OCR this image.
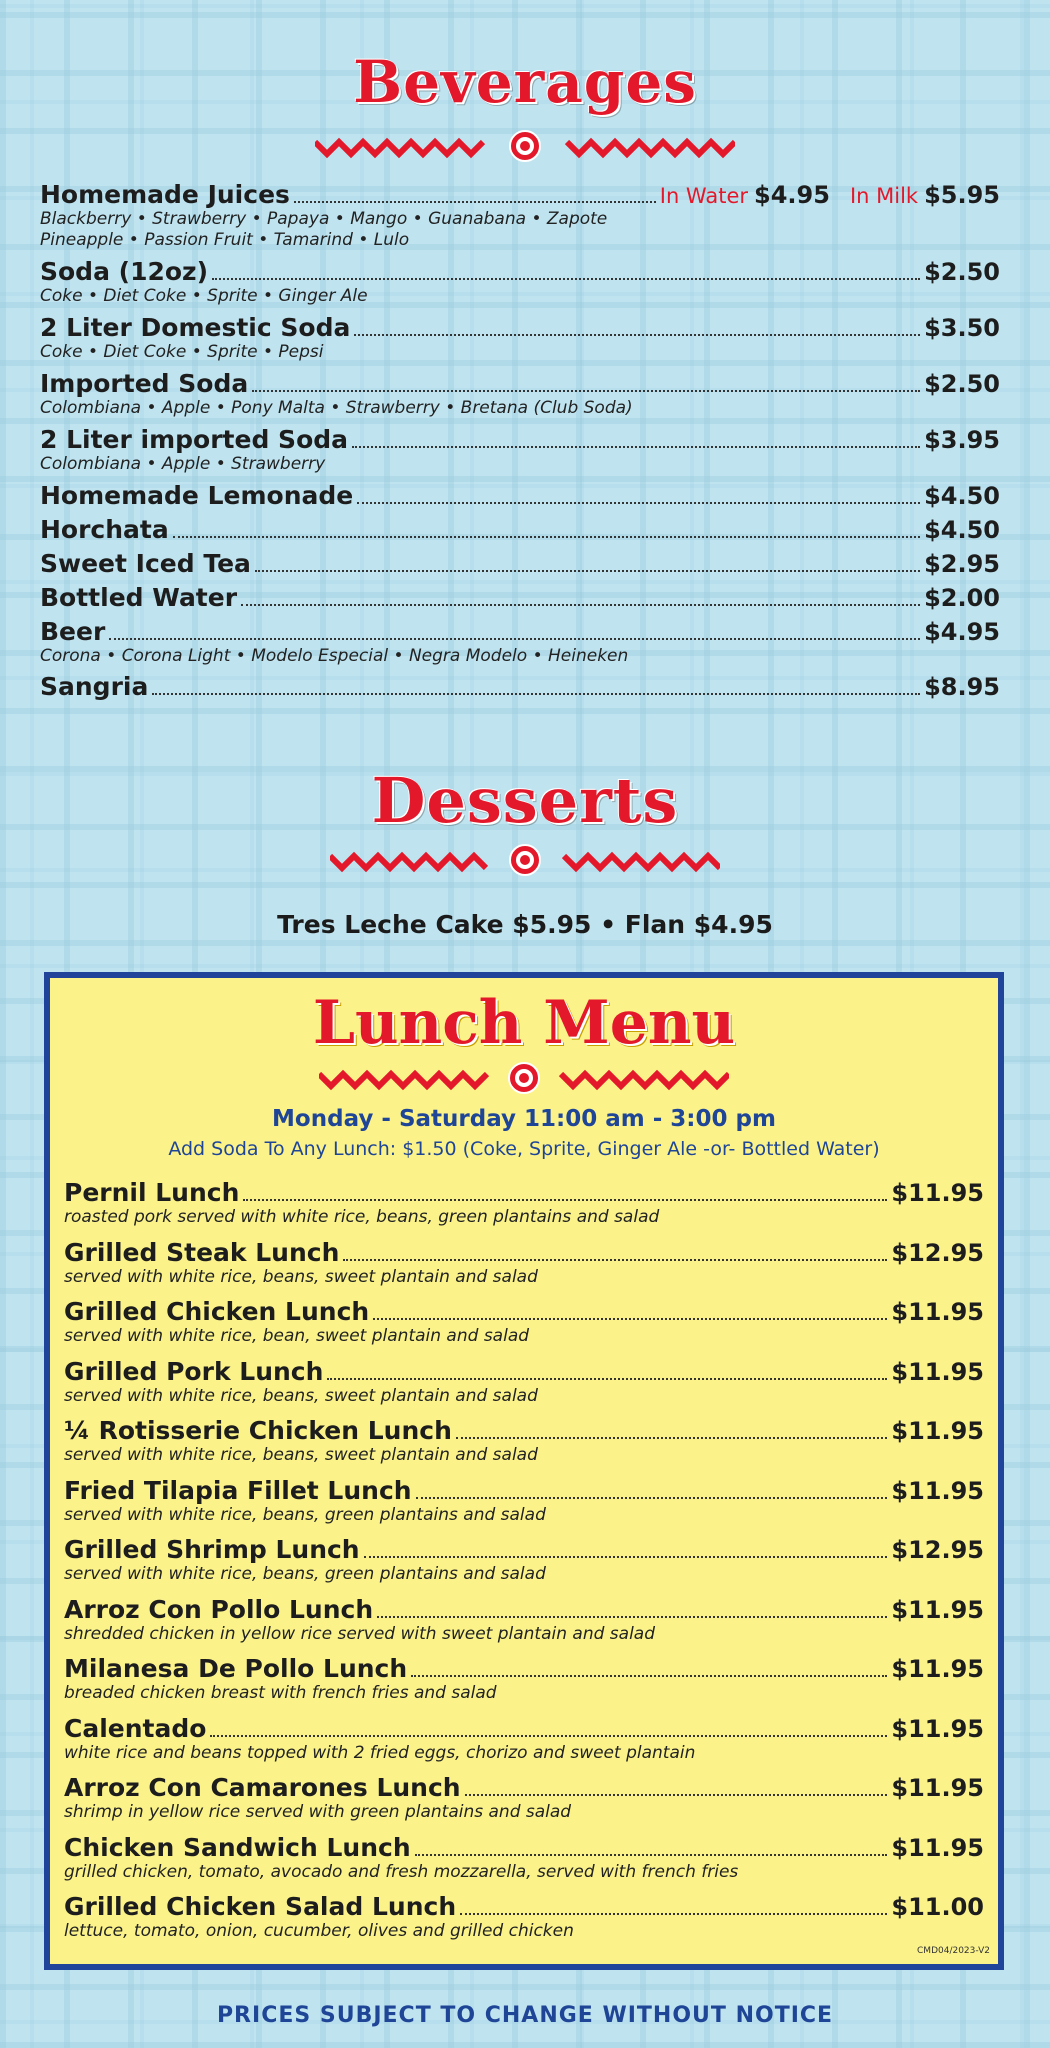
Beverages
Homemade Juices	In Water $4.95 In Milk $5.95
Blackberry • Strawberry • Papaya • Mango • Guanabana • Zapote
Pineapple • Passion Fruit • Tamarind • Lulo
Soda (12oz)	$2.50
Coke • Diet Coke • Sprite • Ginger Ale
2 Liter Domestic Soda	$3.50
Coke • Diet Coke • Sprite • Pepsi
Imported Soda	$2.50
Colombiana • Apple • Pony Malta • Strawberry • Bretana (Club Soda)
2 Liter imported Soda	$3.95
Colombiana • Apple • Strawberry
Homemade Lemonade	$4.50
Horchata	$4.50
Sweet Iced Tea	$2.95
Bottled Water	$2.00
Beer	$4.95
Corona • Corona Light • Modelo Especial • Negra Modelo • Heineken
Sangria	$8.95
Desserts
Tres Leche Cake $5.95 • Flan $4.95
Lunch Menu
Monday - Saturday 11:00 am - 3:00 pm
Add Soda To Any Lunch: $1.50 (Coke, Sprite, Ginger Ale -or- Bottled Water)
Pernil Lunch	$11.95
roasted pork served with white rice, beans, green plantains and salad
Grilled Steak Lunch	$12.95
served with white rice, beans, sweet plantain and salad
Grilled Chicken Lunch	$11.95
served with white rice, bean, sweet plantain and salad
Grilled Pork Lunch	$11.95
served with white rice, beans, sweet plantain and salad
¼ Rotisserie Chicken Lunch	$11.95
served with white rice, beans, sweet plantain and salad
Fried Tilapia Fillet Lunch	$11.95
served with white rice, beans, green plantains and salad
Grilled Shrimp Lunch	$12.95
served with white rice, beans, green plantains and salad
Arroz Con Pollo Lunch	$11.95
shredded chicken in yellow rice served with sweet plantain and salad
Milanesa De Pollo Lunch	$11.95
breaded chicken breast with french fries and salad
Calentado	$11.95
white rice and beans topped with 2 fried eggs, chorizo and sweet plantain
Arroz Con Camarones Lunch	$11.95
shrimp in yellow rice served with green plantains and salad
Chicken Sandwich Lunch	$11.95
grilled chicken, tomato, avocado and fresh mozzarella, served with french fries
Grilled Chicken Salad Lunch	$11.00
lettuce, tomato, onion, cucumber, olives and grilled chicken
CMD04/2023-V2
PRICES SUBJECT TO CHANGE WITHOUT NOTICE
